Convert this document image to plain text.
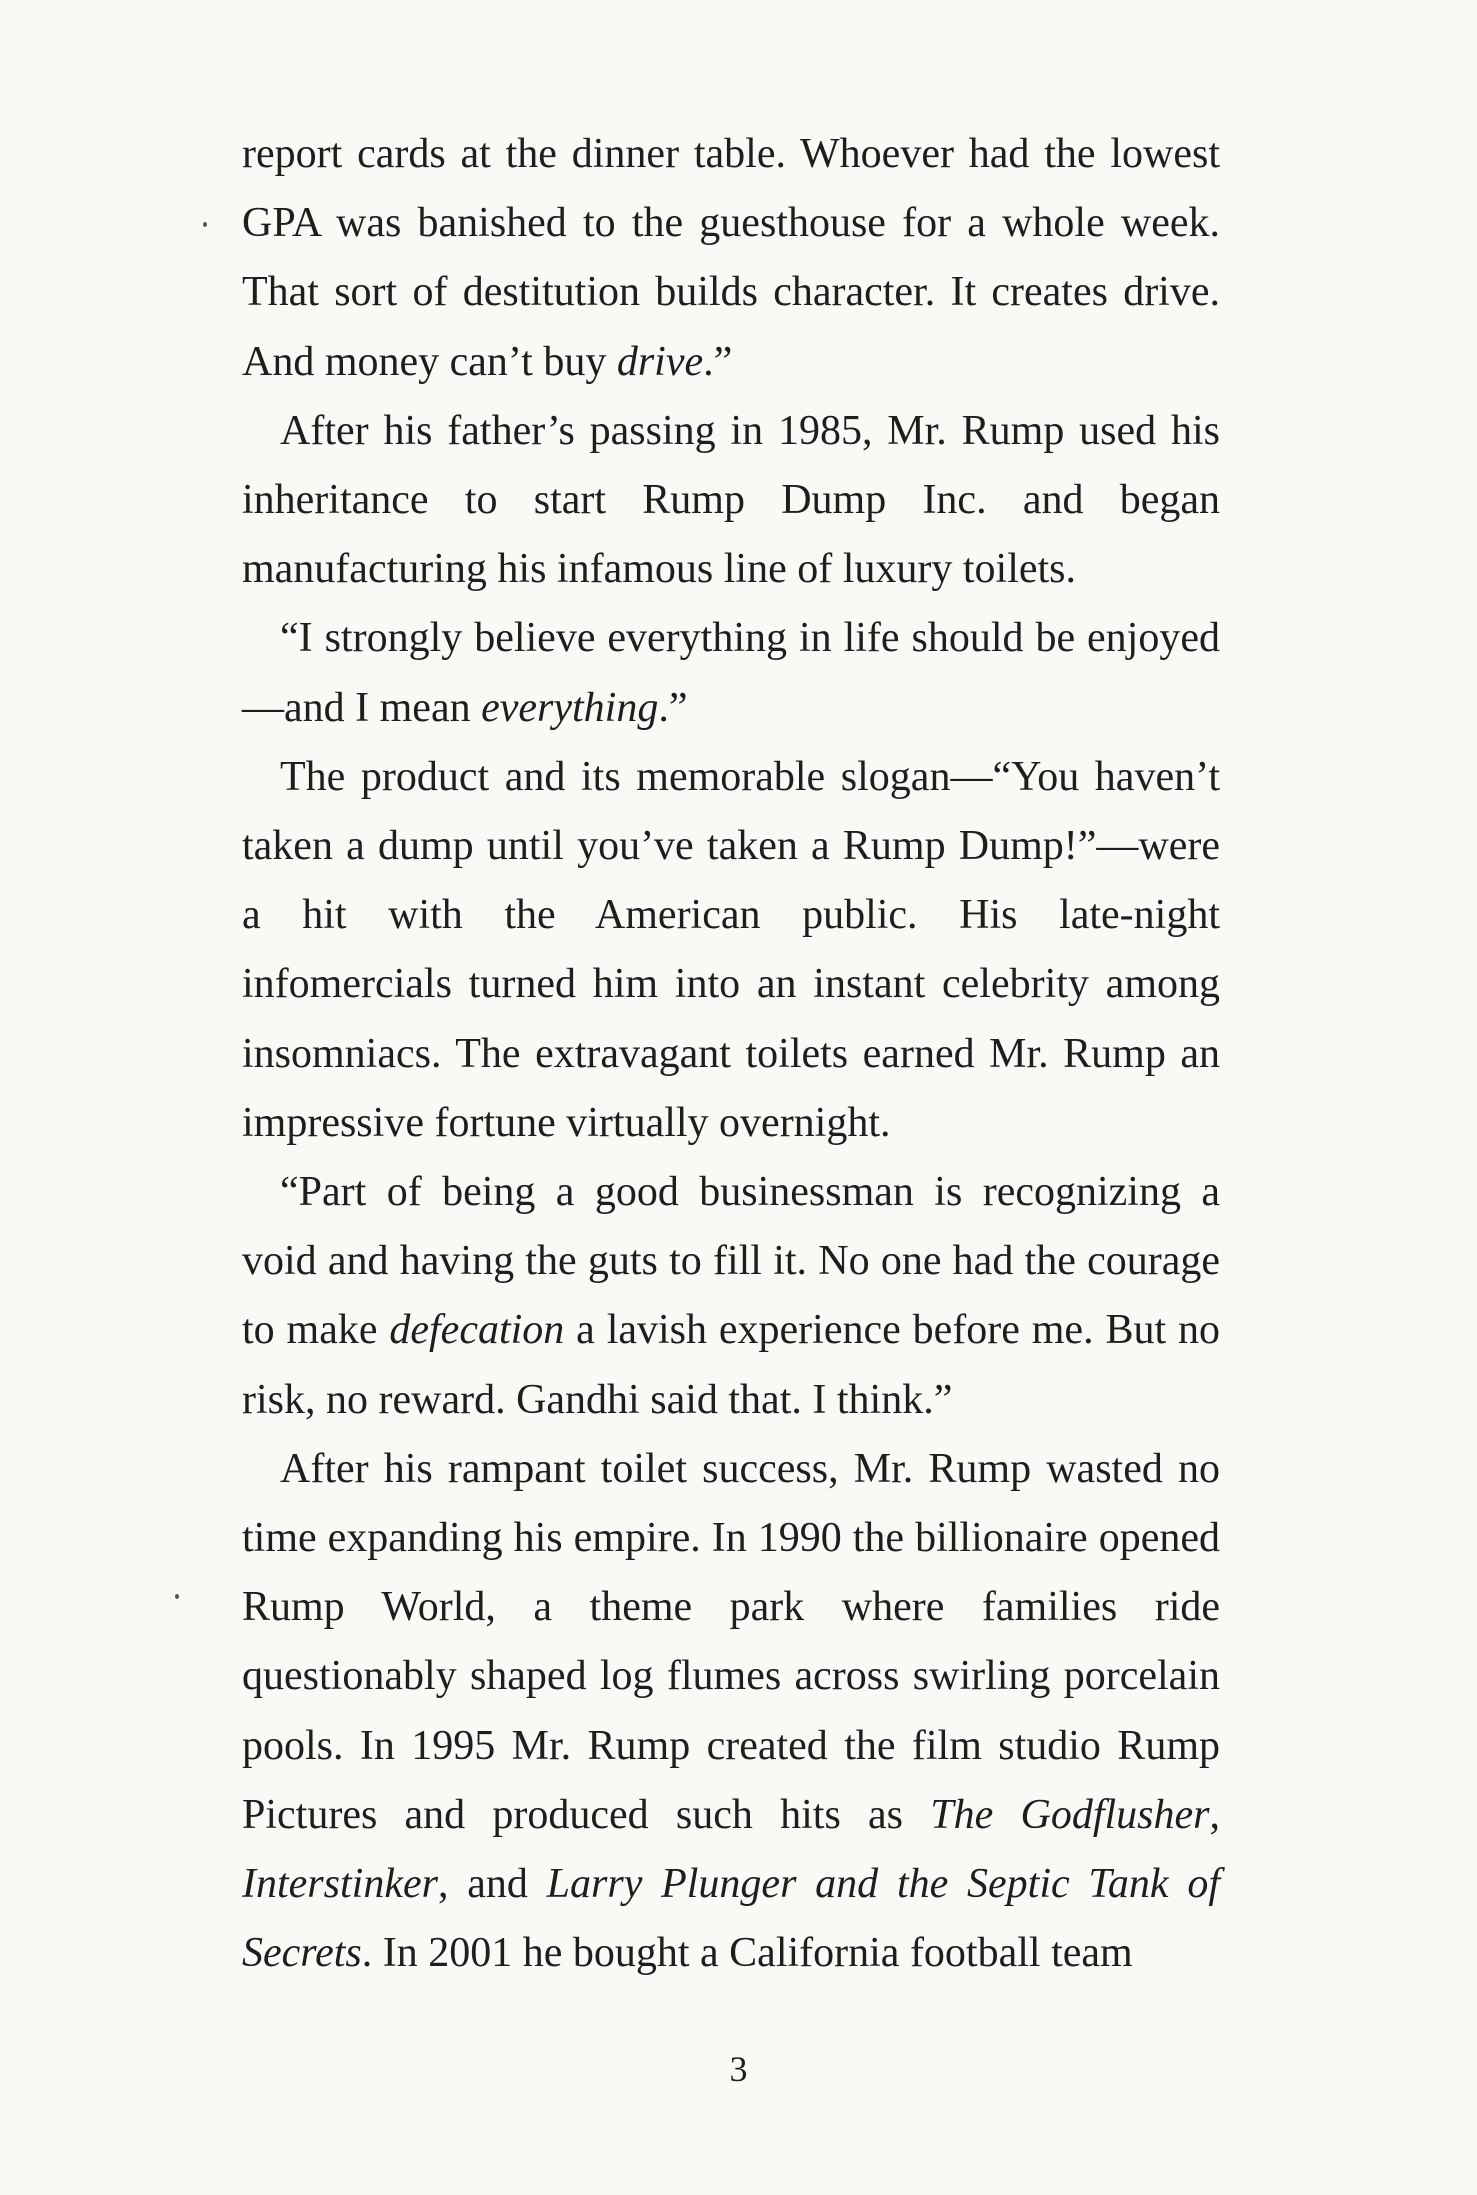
report cards at the dinner table. Whoever had the lowest GPA was banished to the guesthouse for a whole week. That sort of destitution builds character. It creates drive. And money can’t buy drive.”

After his father’s passing in 1985, Mr. Rump used his inheritance to start Rump Dump Inc. and began manufacturing his infamous line of luxury toilets.

“I strongly believe everything in life should be enjoyed—and I mean everything.”

The product and its memorable slogan—“You haven’t taken a dump until you’ve taken a Rump Dump!”—were a hit with the American public. His late-night infomercials turned him into an instant celebrity among insomniacs. The extravagant toilets earned Mr. Rump an impressive fortune virtually overnight.

“Part of being a good businessman is recognizing a void and having the guts to fill it. No one had the courage to make defecation a lavish experience before me. But no risk, no reward. Gandhi said that. I think.”

After his rampant toilet success, Mr. Rump wasted no time expanding his empire. In 1990 the billionaire opened Rump World, a theme park where families ride questionably shaped log flumes across swirling porcelain pools. In 1995 Mr. Rump created the film studio Rump Pictures and produced such hits as The Godflusher, Interstinker, and Larry Plunger and the Septic Tank of Secrets. In 2001 he bought a California football team

3
